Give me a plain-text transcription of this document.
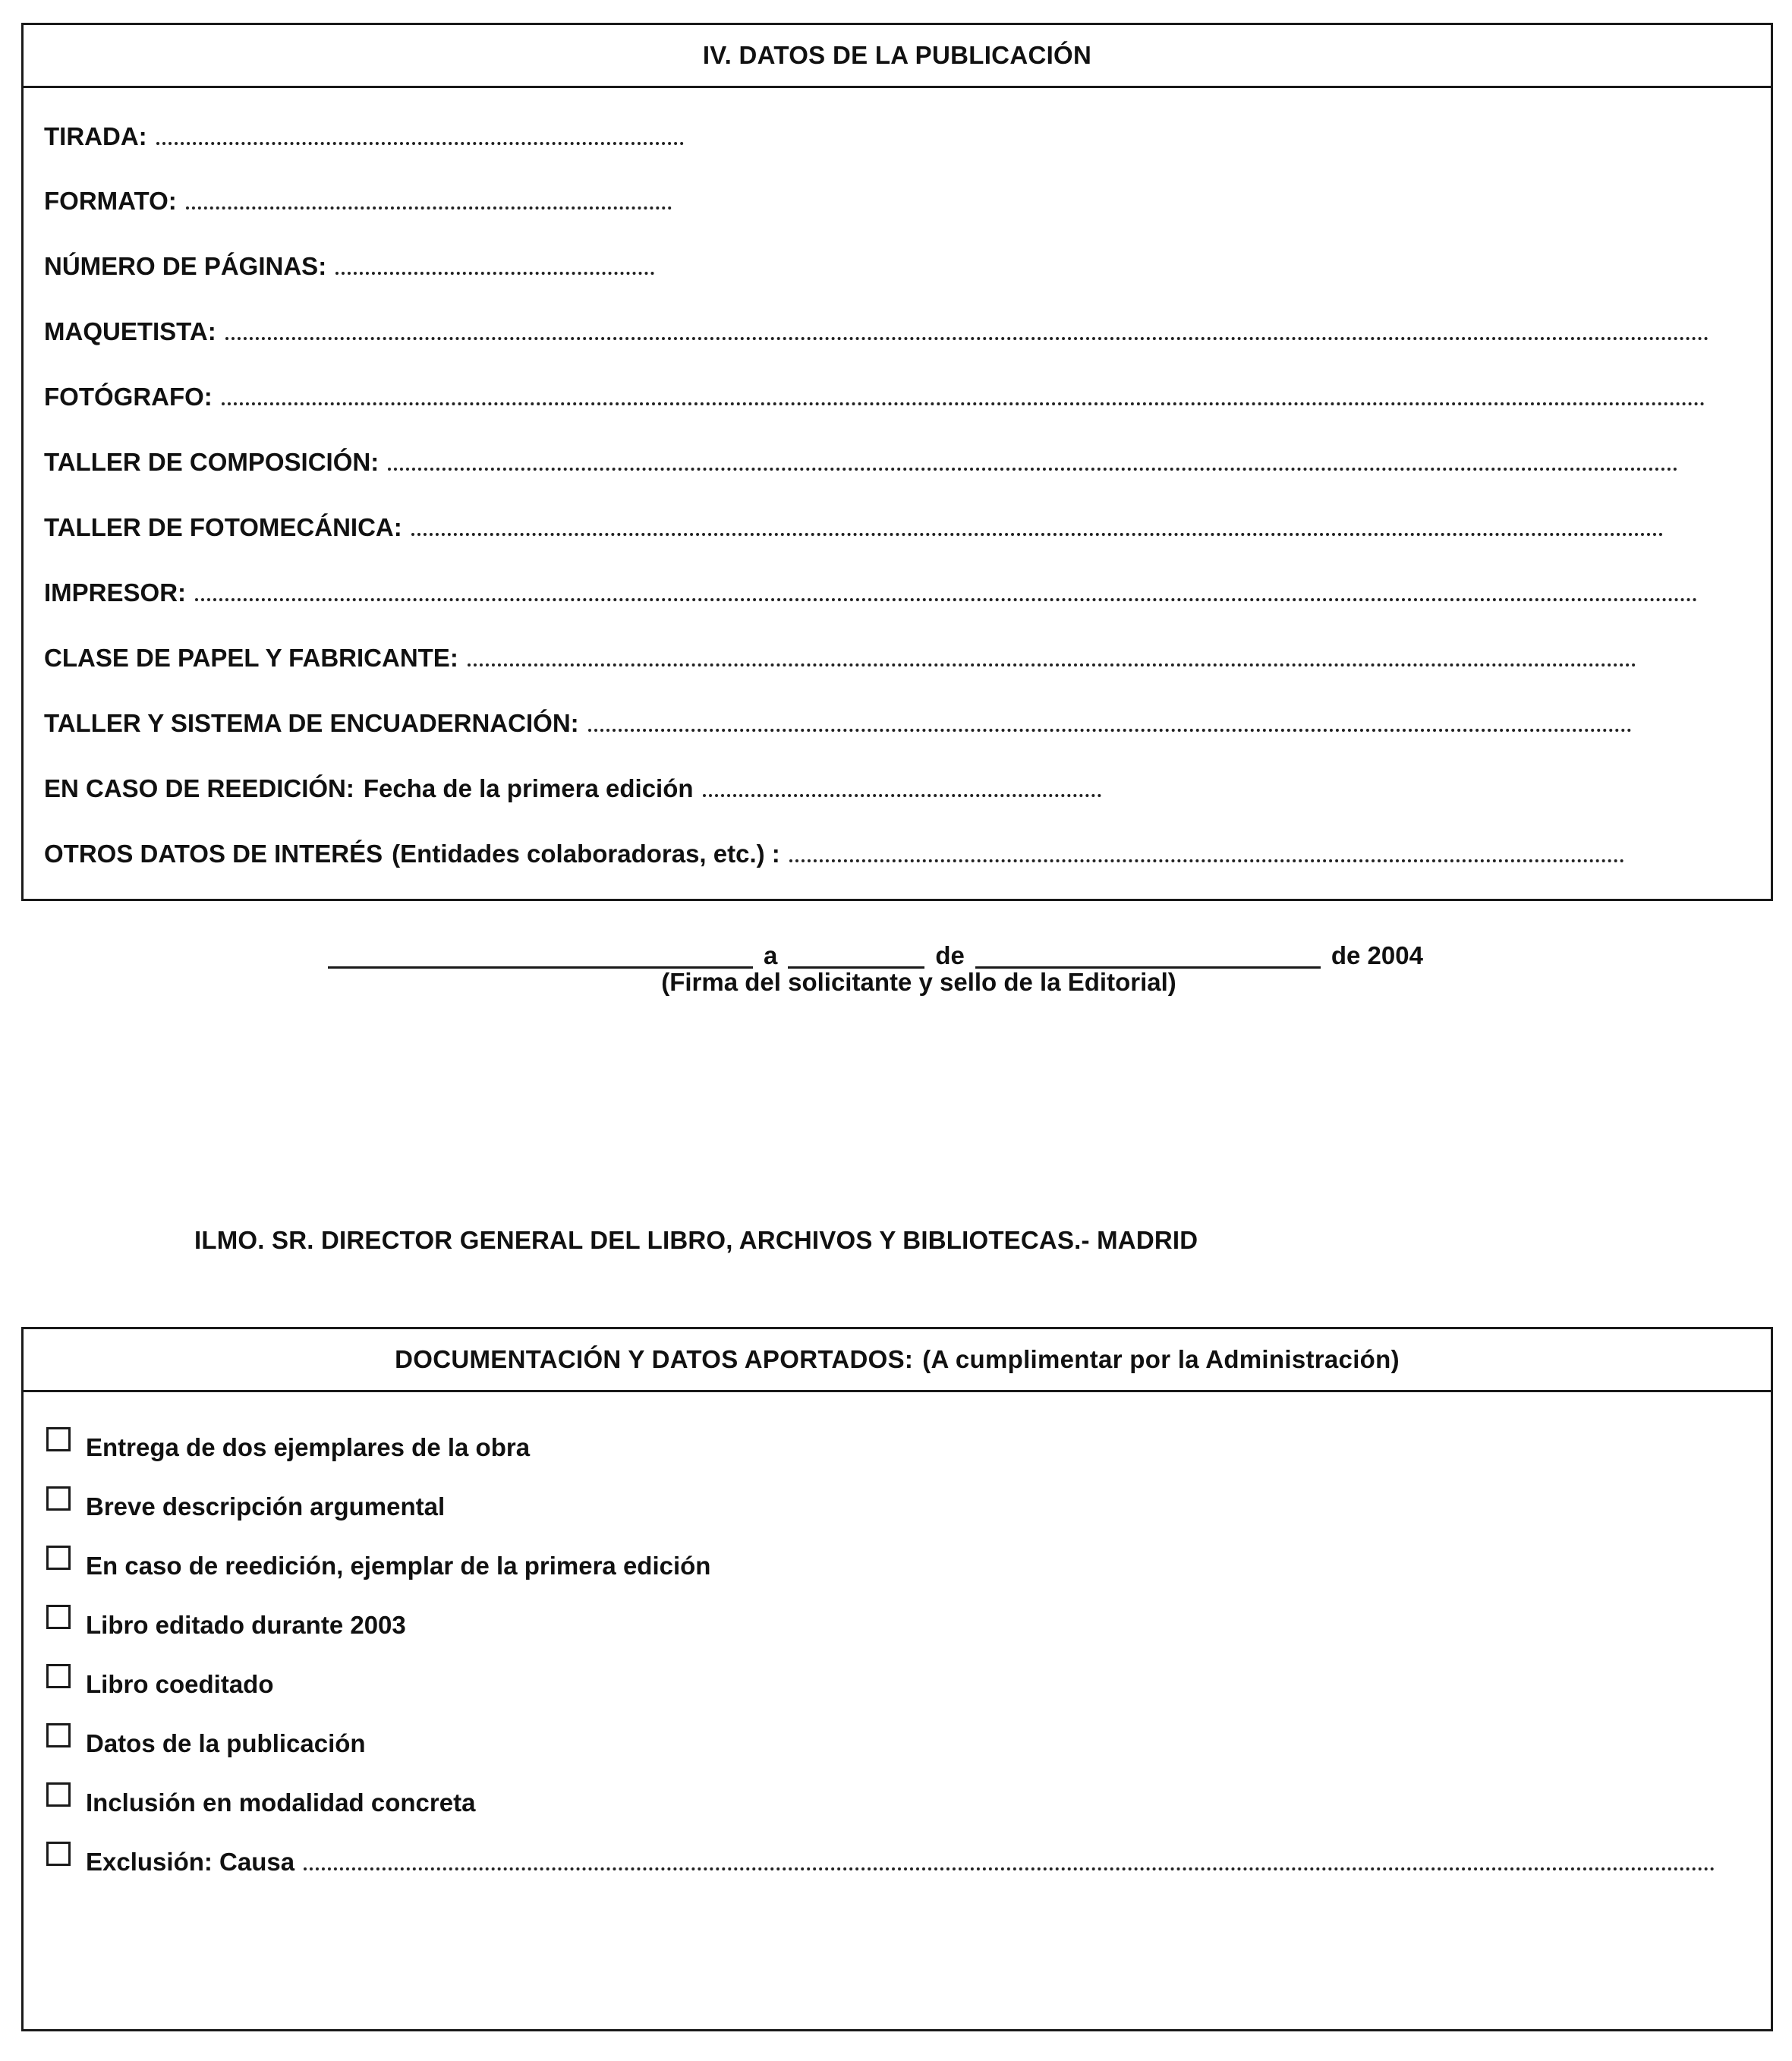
IV. DATOS DE LA PUBLICACIÓN
TIRADA:
FORMATO:
NÚMERO DE PÁGINAS:
MAQUETISTA:
FOTÓGRAFO:
TALLER DE COMPOSICIÓN:
TALLER DE FOTOMECÁNICA:
IMPRESOR:
CLASE DE PAPEL Y FABRICANTE:
TALLER Y SISTEMA DE ENCUADERNACIÓN:
EN CASO DE REEDICIÓN: Fecha de la primera edición
OTROS DATOS DE INTERÉS (Entidades colaboradoras, etc.) :
a	de	de 2004
(Firma del solicitante y sello de la Editorial)
ILMO. SR. DIRECTOR GENERAL DEL LIBRO, ARCHIVOS Y BIBLIOTECAS.- MADRID
DOCUMENTACIÓN Y DATOS APORTADOS: (A cumplimentar por la Administración)
Entrega de dos ejemplares de la obra
Breve descripción argumental
En caso de reedición, ejemplar de la primera edición
Libro editado durante 2003
Libro coeditado
Datos de la publicación
Inclusión en modalidad concreta
Exclusión: Causa
